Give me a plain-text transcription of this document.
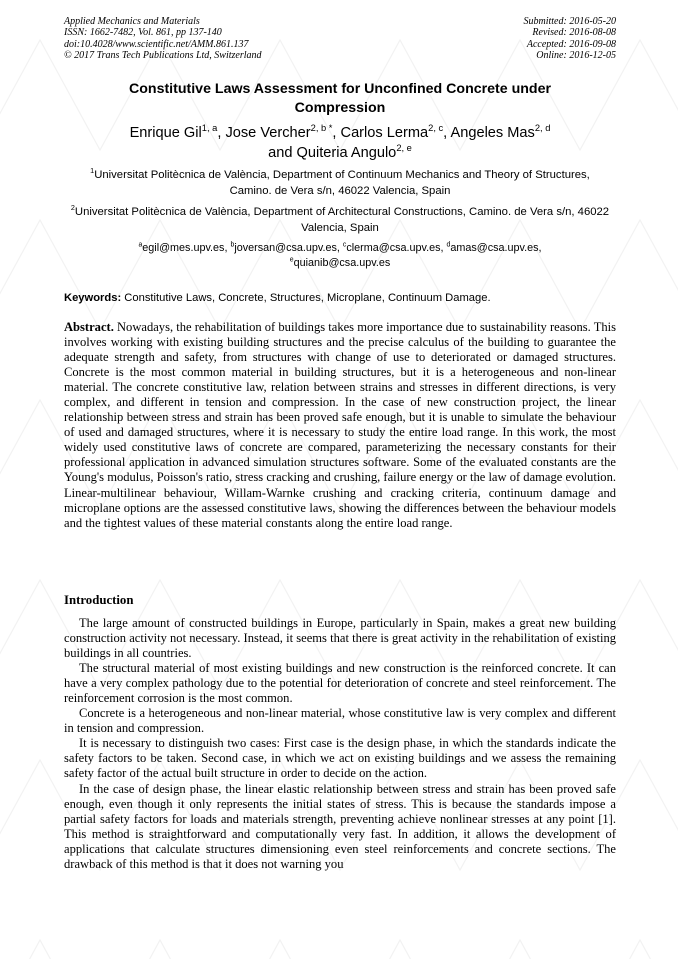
Applied Mechanics and Materials
ISSN: 1662-7482, Vol. 861, pp 137-140
doi:10.4028/www.scientific.net/AMM.861.137
© 2017 Trans Tech Publications Ltd, Switzerland
Submitted: 2016-05-20
Revised: 2016-08-08
Accepted: 2016-09-08
Online: 2016-12-05
Constitutive Laws Assessment for Unconfined Concrete under
Compression
Enrique Gil$^{1, a}$, Jose Vercher$^{2, b *}$, Carlos Lerma$^{2, c}$, Angeles Mas$^{2, d}$
and Quiteria Angulo$^{2, e}$
$^1$Universitat Politècnica de València, Department of Continuum Mechanics and Theory of Structures, Camino. de Vera s/n, 46022 Valencia, Spain
$^2$Universitat Politècnica de València, Department of Architectural Constructions, Camino. de Vera s/n, 46022 Valencia, Spain
$^a$egil@mes.upv.es, $^b$joversan@csa.upv.es, $^c$clerma@csa.upv.es, $^d$amas@csa.upv.es,
$^e$quianib@csa.upv.es
Keywords: Constitutive Laws, Concrete, Structures, Microplane, Continuum Damage.
Abstract. Nowadays, the rehabilitation of buildings takes more importance due to sustainability reasons. This involves working with existing building structures and the precise calculus of the building to guarantee the adequate strength and safety, from structures with change of use to deteriorated or damaged structures. Concrete is the most common material in building structures, but it is a heterogeneous and non-linear material. The concrete constitutive law, relation between strains and stresses in different directions, is very complex, and different in tension and compression. In the case of new construction project, the linear relationship between stress and strain has been proved safe enough, but it is unable to simulate the behaviour of used and damaged structures, where it is necessary to study the entire load range. In this work, the most widely used constitutive laws of concrete are compared, parameterizing the necessary constants for their professional application in advanced simulation structures software. Some of the evaluated constants are the Young's modulus, Poisson's ratio, stress cracking and crushing, failure energy or the law of damage evolution. Linear-multilinear behaviour, Willam-Warnke crushing and cracking criteria, continuum damage and microplane options are the assessed constitutive laws, showing the differences between the behaviour models and the tightest values of these material constants along the entire load range.
Introduction

The large amount of constructed buildings in Europe, particularly in Spain, makes a great new building construction activity not necessary. Instead, it seems that there is great activity in the rehabilitation of existing buildings in all countries.

The structural material of most existing buildings and new construction is the reinforced concrete. It can have a very complex pathology due to the potential for deterioration of concrete and steel reinforcement. The reinforcement corrosion is the most common.

Concrete is a heterogeneous and non-linear material, whose constitutive law is very complex and different in tension and compression.

It is necessary to distinguish two cases: First case is the design phase, in which the standards indicate the safety factors to be taken. Second case, in which we act on existing buildings and we assess the remaining safety factor of the actual built structure in order to decide on the action.

In the case of design phase, the linear elastic relationship between stress and strain has been proved safe enough, even though it only represents the initial states of stress. This is because the standards impose a partial safety factors for loads and materials strength, preventing achieve nonlinear stresses at any point [1]. This method is straightforward and computationally very fast. In addition, it allows the development of applications that calculate structures dimensioning even steel reinforcements and concrete sections. The drawback of this method is that it does not warning you
